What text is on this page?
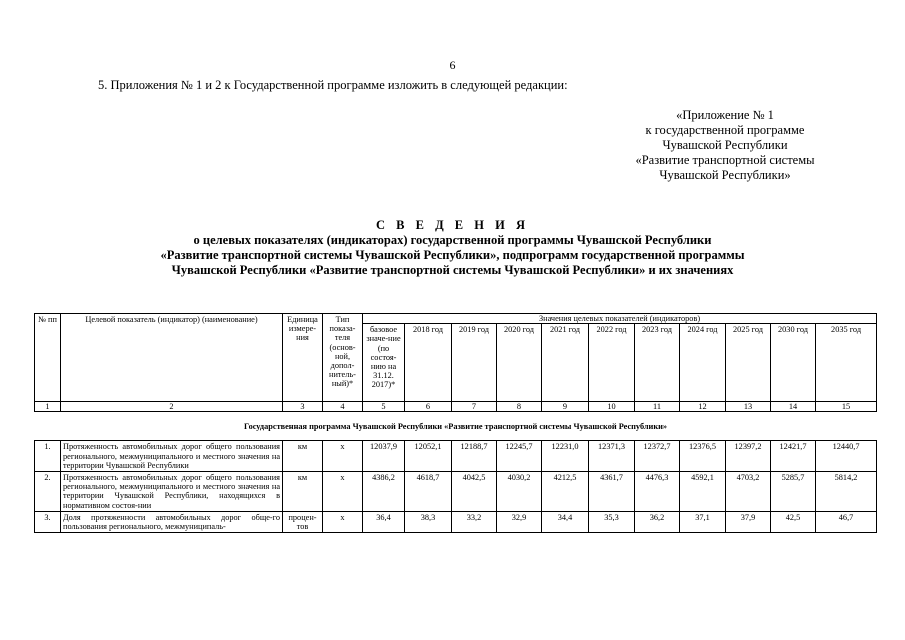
6
5. Приложения № 1 и 2 к Государственной программе изложить в следующей редакции:
«Приложение № 1
к государственной программе
Чувашской Республики
«Развитие транспортной системы
Чувашской Республики»
С В Е Д Е Н И Я
о целевых показателях (индикаторах) государственной программы Чувашской Республики
«Развитие транспортной системы Чувашской Республики», подпрограмм государственной программы
Чувашской Республики «Развитие транспортной системы Чувашской Республики» и их значениях
№ пп	Целевой показатель (индикатор) (наименование)	Единица измере-ния	Тип показа-теля (основ-ной, допол-нитель-ный)*	Значения целевых показателей (индикаторов)										
				базовое значе-ние (по состоя-нию на 31.12. 2017)*	2018 год	2019 год	2020 год	2021 год	2022 год	2023 год	2024 год	2025 год	2030 год	2035 год
1	2	3	4	5	6	7	8	9	10	11	12	13	14	15
Государственная программа Чувашской Республики «Развитие транспортной системы Чувашской Республики»														
1.	Протяженность автомобильных дорог общего пользования регионального, межмуниципального и местного значения на территории Чувашской Республики	км	х	12037,9	12052,1	12188,7	12245,7	12231,0	12371,3	12372,7	12376,5	12397,2	12421,7	12440,7
2.	Протяженность автомобильных дорог общего пользования регионального, межмуниципального и местного значения на территории Чувашской Республики, находящихся в нормативном состоя-нии	км	х	4386,2	4618,7	4042,5	4030,2	4212,5	4361,7	4476,3	4592,1	4703,2	5285,7	5814,2
3.	Доля протяженности автомобильных дорог обще-го пользования регионального, межмуниципаль-	процен-тов	х	36,4	38,3	33,2	32,9	34,4	35,3	36,2	37,1	37,9	42,5	46,7
